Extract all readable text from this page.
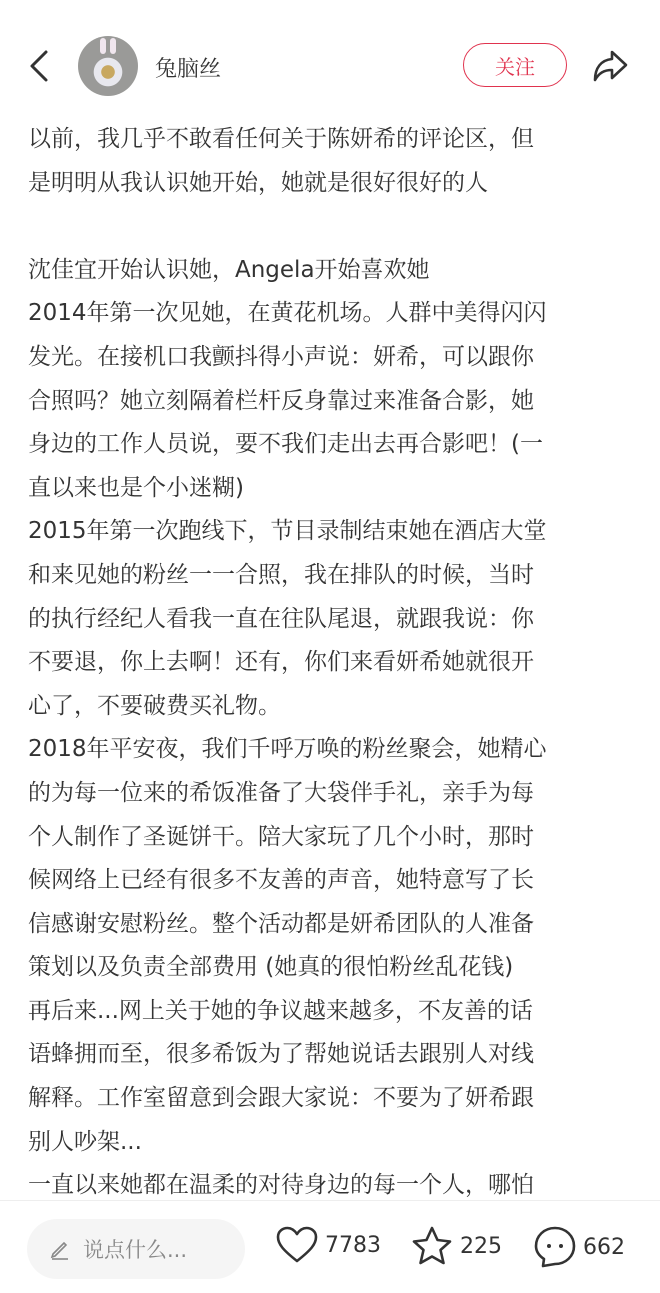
兔脑丝	关注
以前，我几乎不敢看任何关于陈妍希的评论区，但
是明明从我认识她开始，她就是很好很好的人
沈佳宜开始认识她，Angela开始喜欢她
2014年第一次见她，在黄花机场。人群中美得闪闪
发光。在接机口我颤抖得小声说：妍希，可以跟你
合照吗？她立刻隔着栏杆反身靠过来准备合影，她
身边的工作人员说，要不我们走出去再合影吧！(一
直以来也是个小迷糊)
2015年第一次跑线下，节目录制结束她在酒店大堂
和来见她的粉丝一一合照，我在排队的时候，当时
的执行经纪人看我一直在往队尾退，就跟我说：你
不要退，你上去啊！还有，你们来看妍希她就很开
心了，不要破费买礼物。
2018年平安夜，我们千呼万唤的粉丝聚会，她精心
的为每一位来的希饭准备了大袋伴手礼，亲手为每
个人制作了圣诞饼干。陪大家玩了几个小时，那时
候网络上已经有很多不友善的声音，她特意写了长
信感谢安慰粉丝。整个活动都是妍希团队的人准备
策划以及负责全部费用 (她真的很怕粉丝乱花钱)
再后来...网上关于她的争议越来越多，不友善的话
语蜂拥而至，很多希饭为了帮她说话去跟别人对线
解释。工作室留意到会跟大家说：不要为了妍希跟
别人吵架...
一直以来她都在温柔的对待身边的每一个人，哪怕
说点什么...	7783	225	662
